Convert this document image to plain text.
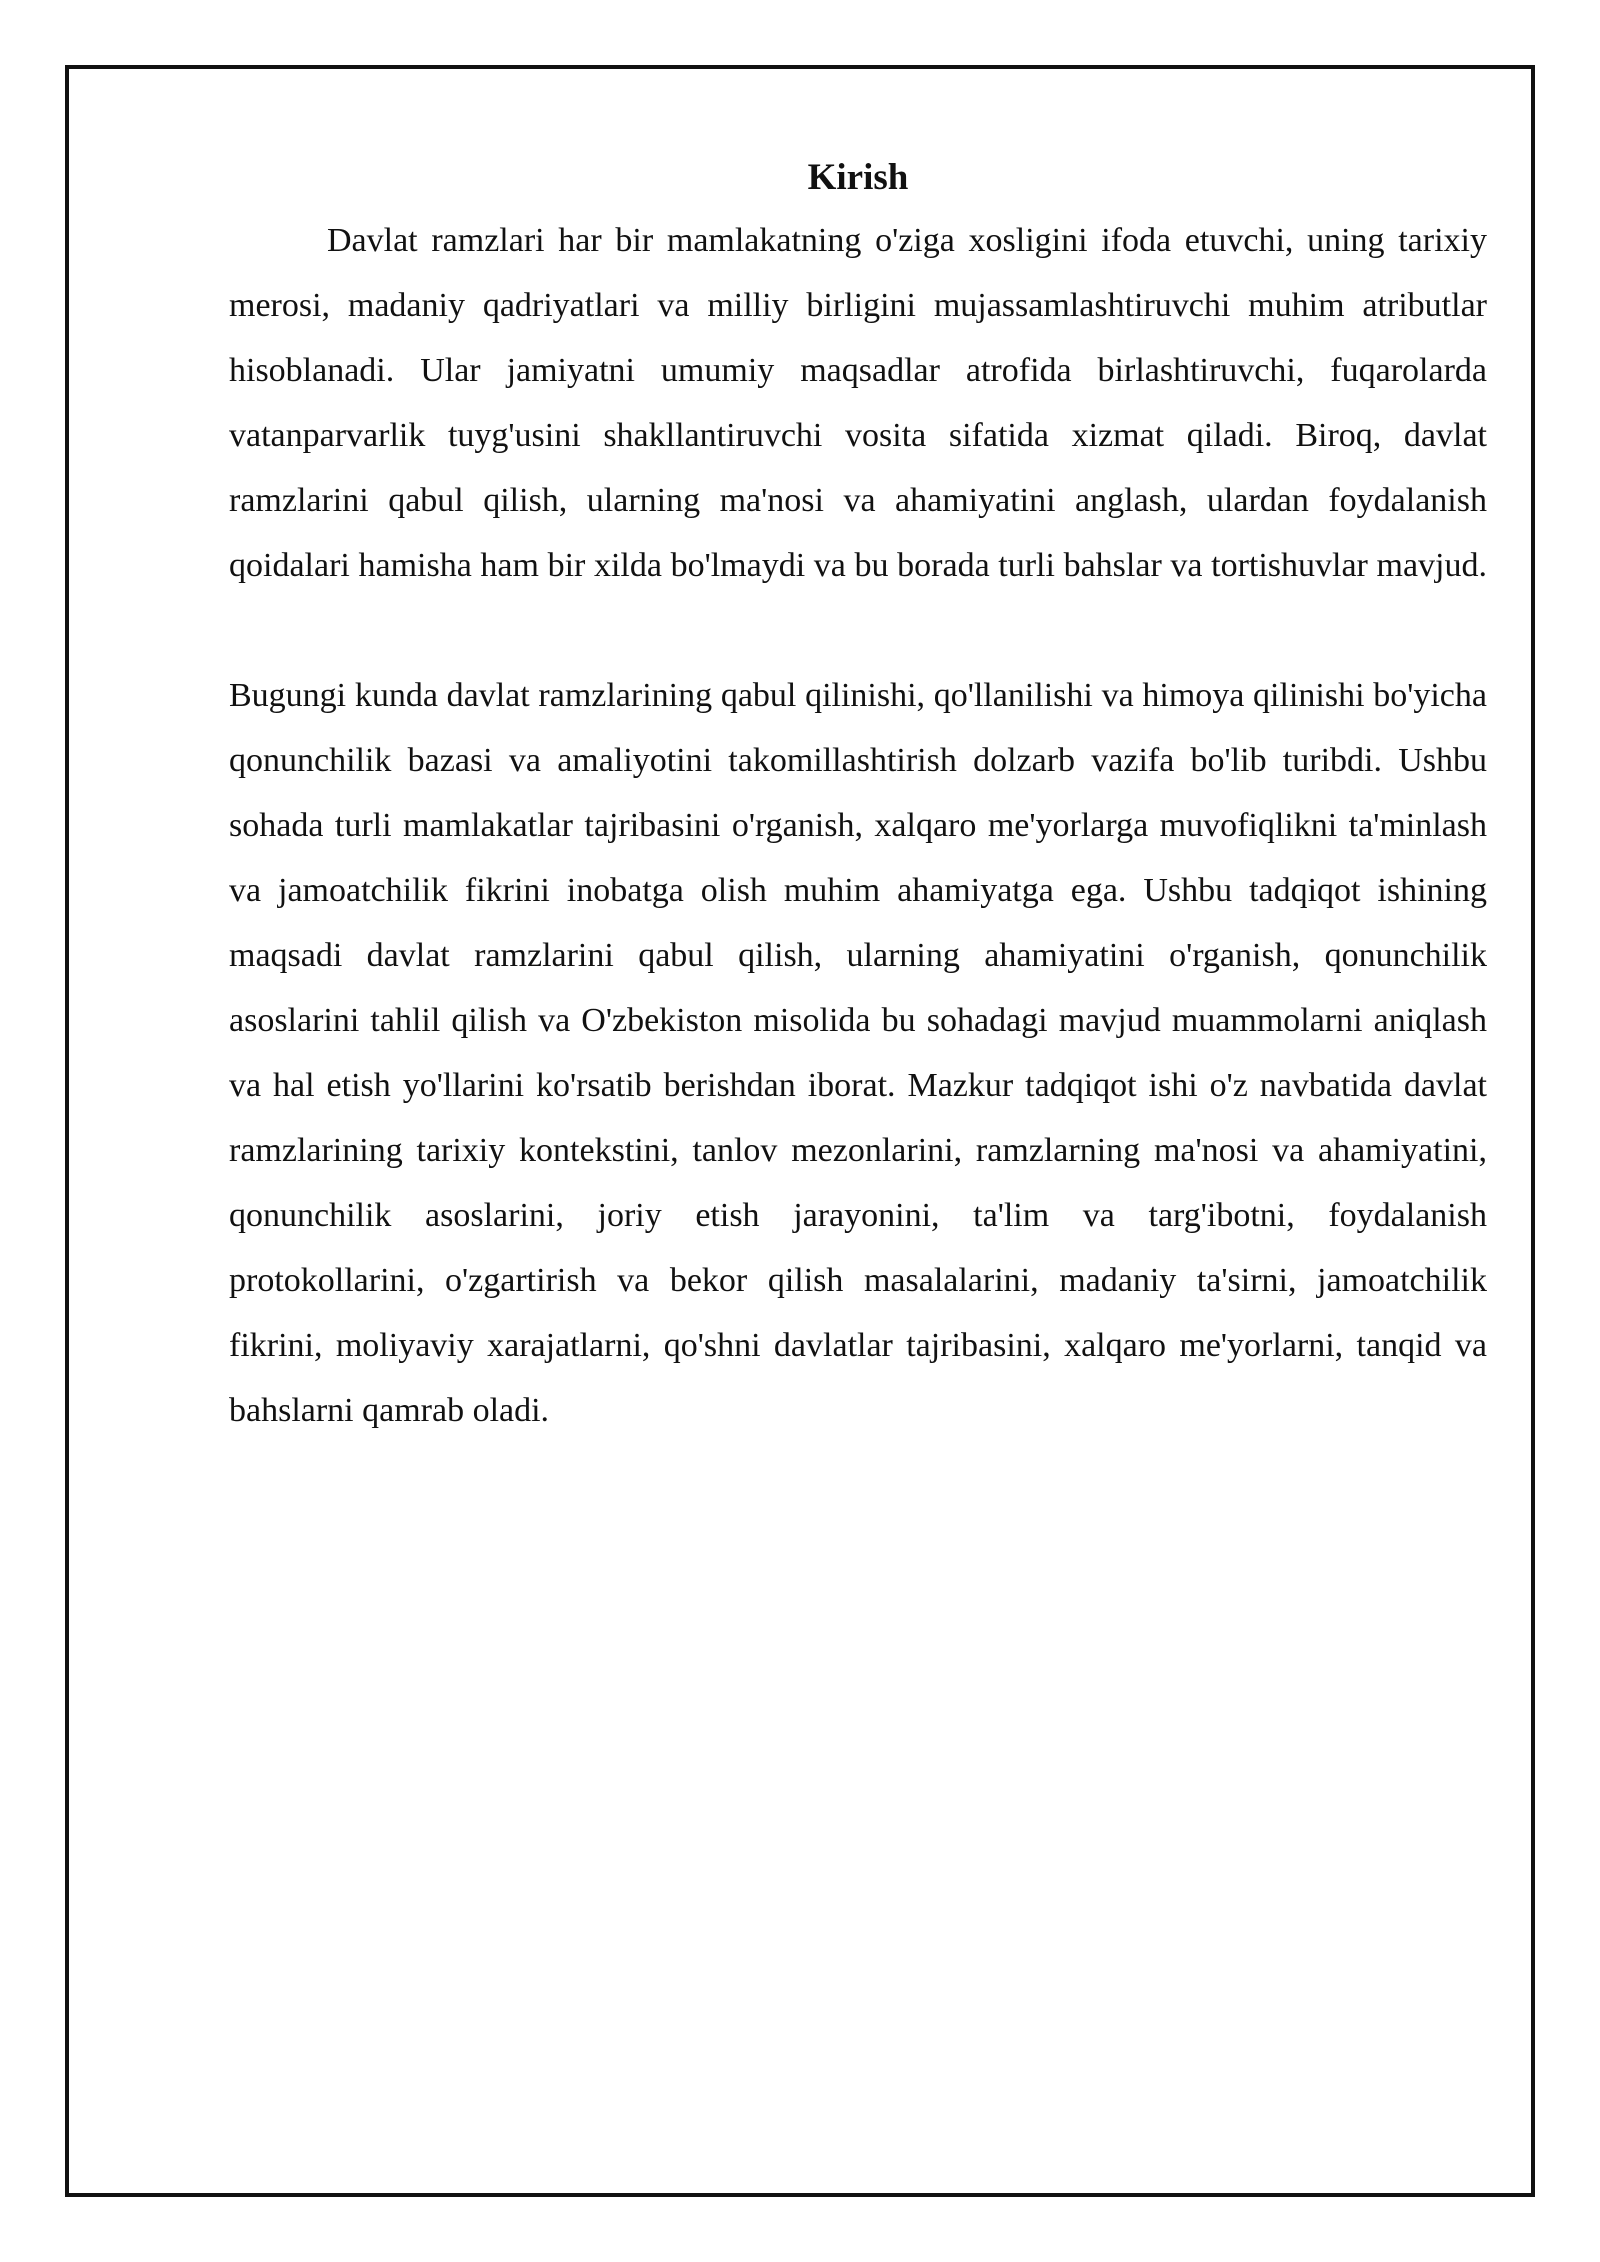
Kirish

Davlat ramzlari har bir mamlakatning o'ziga xosligini ifoda etuvchi, uning tarixiy merosi, madaniy qadriyatlari va milliy birligini mujassamlashtiruvchi muhim atributlar hisoblanadi. Ular jamiyatni umumiy maqsadlar atrofida birlashtiruvchi, fuqarolarda vatanparvarlik tuyg'usini shakllantiruvchi vosita sifatida xizmat qiladi. Biroq, davlat ramzlarini qabul qilish, ularning ma'nosi va ahamiyatini anglash, ulardan foydalanish qoidalari hamisha ham bir xilda bo'lmaydi va bu borada turli bahslar va tortishuvlar mavjud.

Bugungi kunda davlat ramzlarining qabul qilinishi, qo'llanilishi va himoya qilinishi bo'yicha qonunchilik bazasi va amaliyotini takomillashtirish dolzarb vazifa bo'lib turibdi. Ushbu sohada turli mamlakatlar tajribasini o'rganish, xalqaro me'yorlarga muvofiqlikni ta'minlash va jamoatchilik fikrini inobatga olish muhim ahamiyatga ega. Ushbu tadqiqot ishining maqsadi davlat ramzlarini qabul qilish, ularning ahamiyatini o'rganish, qonunchilik asoslarini tahlil qilish va O'zbekiston misolida bu sohadagi mavjud muammolarni aniqlash va hal etish yo'llarini ko'rsatib berishdan iborat. Mazkur tadqiqot ishi o'z navbatida davlat ramzlarining tarixiy kontekstini, tanlov mezonlarini, ramzlarning ma'nosi va ahamiyatini, qonunchilik asoslarini, joriy etish jarayonini, ta'lim va targ'ibotni, foydalanish protokollarini, o'zgartirish va bekor qilish masalalarini, madaniy ta'sirni, jamoatchilik fikrini, moliyaviy xarajatlarni, qo'shni davlatlar tajribasini, xalqaro me'yorlarni, tanqid va bahslarni qamrab oladi.
